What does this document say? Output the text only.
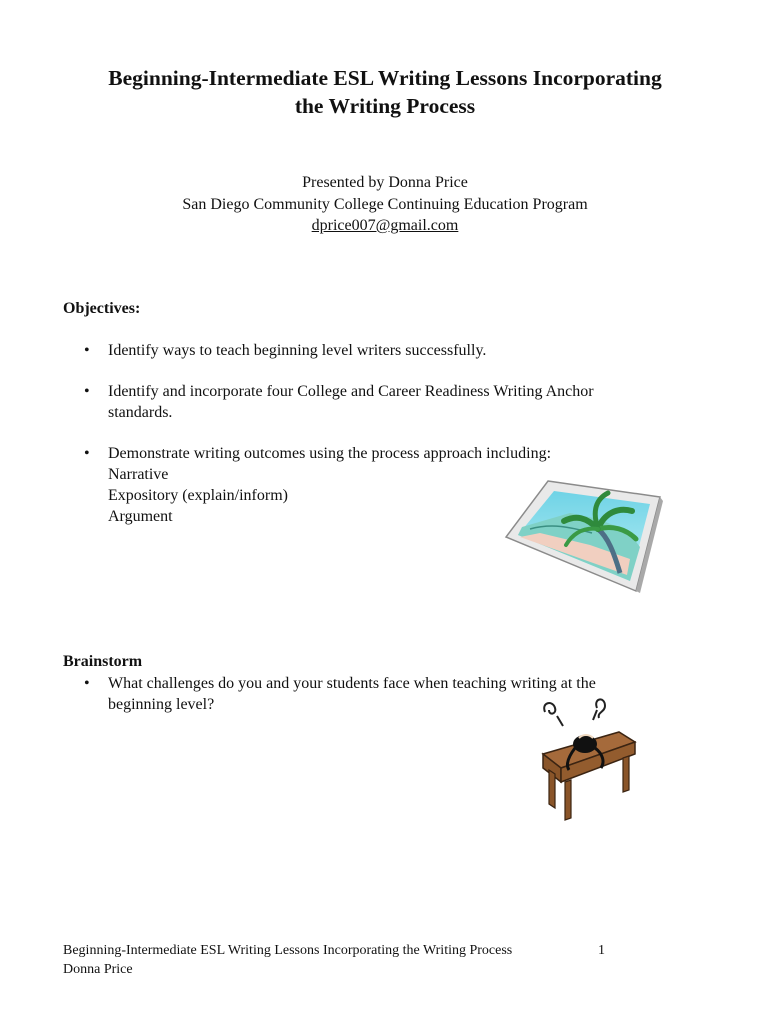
Beginning-Intermediate ESL Writing Lessons Incorporating
the Writing Process
Presented by Donna Price
San Diego Community College Continuing Education Program
dprice007@gmail.com
Objectives:
• Identify ways to teach beginning level writers successfully.
• Identify and incorporate four College and Career Readiness Writing Anchor standards.
• Demonstrate writing outcomes using the process approach including:
Narrative
Expository (explain/inform)
Argument
Brainstorm
• What challenges do you and your students face when teaching writing at the beginning level?
Beginning-Intermediate ESL Writing Lessons Incorporating the Writing Process
Donna Price
1
